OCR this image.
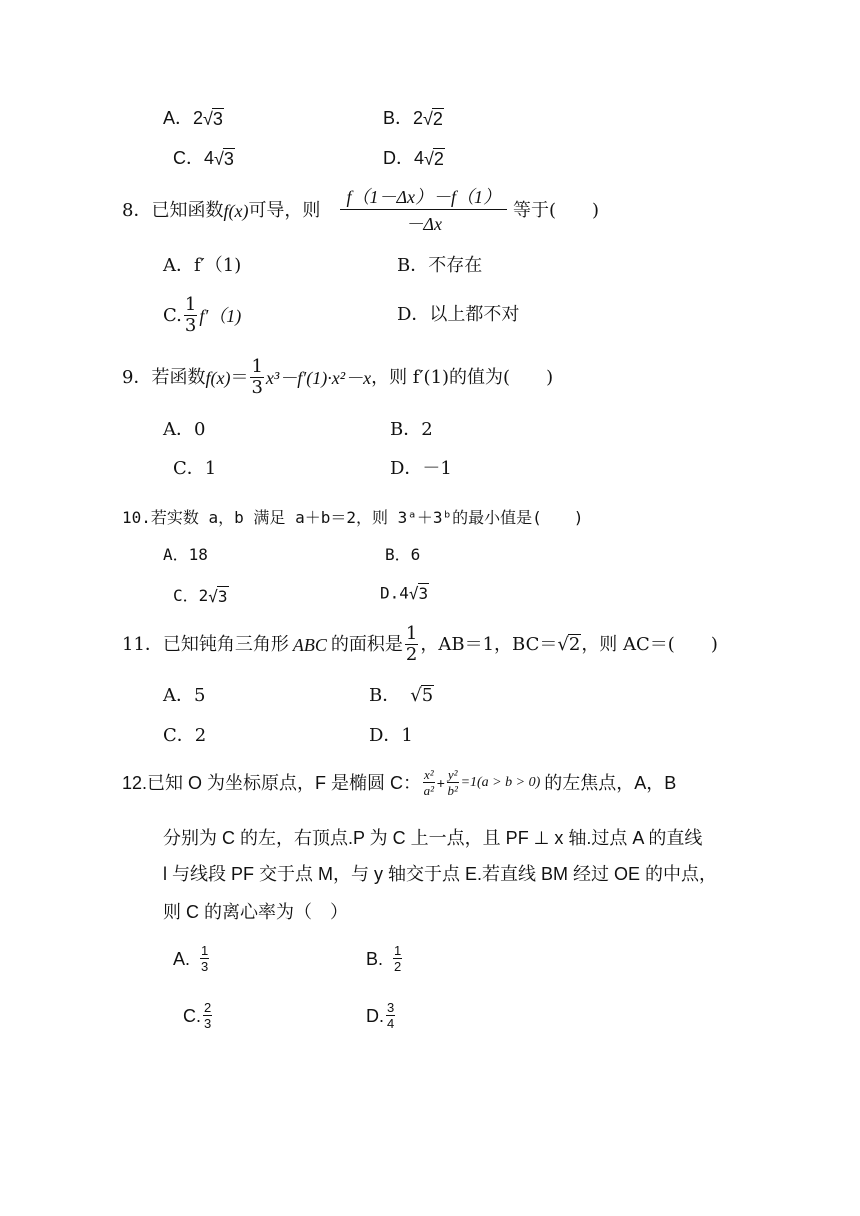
A．2 √ 3	B．2 √ 2
C．4 √ 3	D．4 √ 2
8．已知函数 f(x) 可导，则 $\frac{f(1-\Delta x)-f(1)}{-\Delta x}$ 等于(　　)
A．f′（1)	B．不存在
C. $\frac{1}{3} f'(1)$	D．以上都不对
9．若函数 $f(x) = \frac{1}{3} x^3-f'(1)\cdot x^2-x$ ，则 f′(1)的值为(　　)
A．0	B．2
C．1	D．－1
10.若实数 a，b 满足 a＋b＝2，则 3ᵃ＋3ᵇ的最小值是(　　)
A．18	B．6
C．2 √ 3	D.4 √ 3
11．已知钝角三角形 ABC 的面积是 $\frac{1}{2}$ ，AB＝1，BC＝ √ 2 ，则 AC＝(　　)
A．5	B． √ 5
C．2	D．1
12.已知 O 为坐标原点，F 是椭圆 C： $\frac{\text{x²}}{\text{a²}} + \frac{\text{y²}}{\text{b²}} =1(a > b > 0)$ 的左焦点，A，B
分别为 C 的左，右顶点.P 为 C 上一点，且 PF ⊥ x 轴.过点 A 的直线
l 与线段 PF 交于点 M，与 y 轴交于点 E.若直线 BM 经过 OE 的中点，
则 C 的离心率为（　）
A. $\frac{1}{3}$	B. $\frac{1}{2}$
C. $\frac{2}{3}$	D. $\frac{3}{4}$
